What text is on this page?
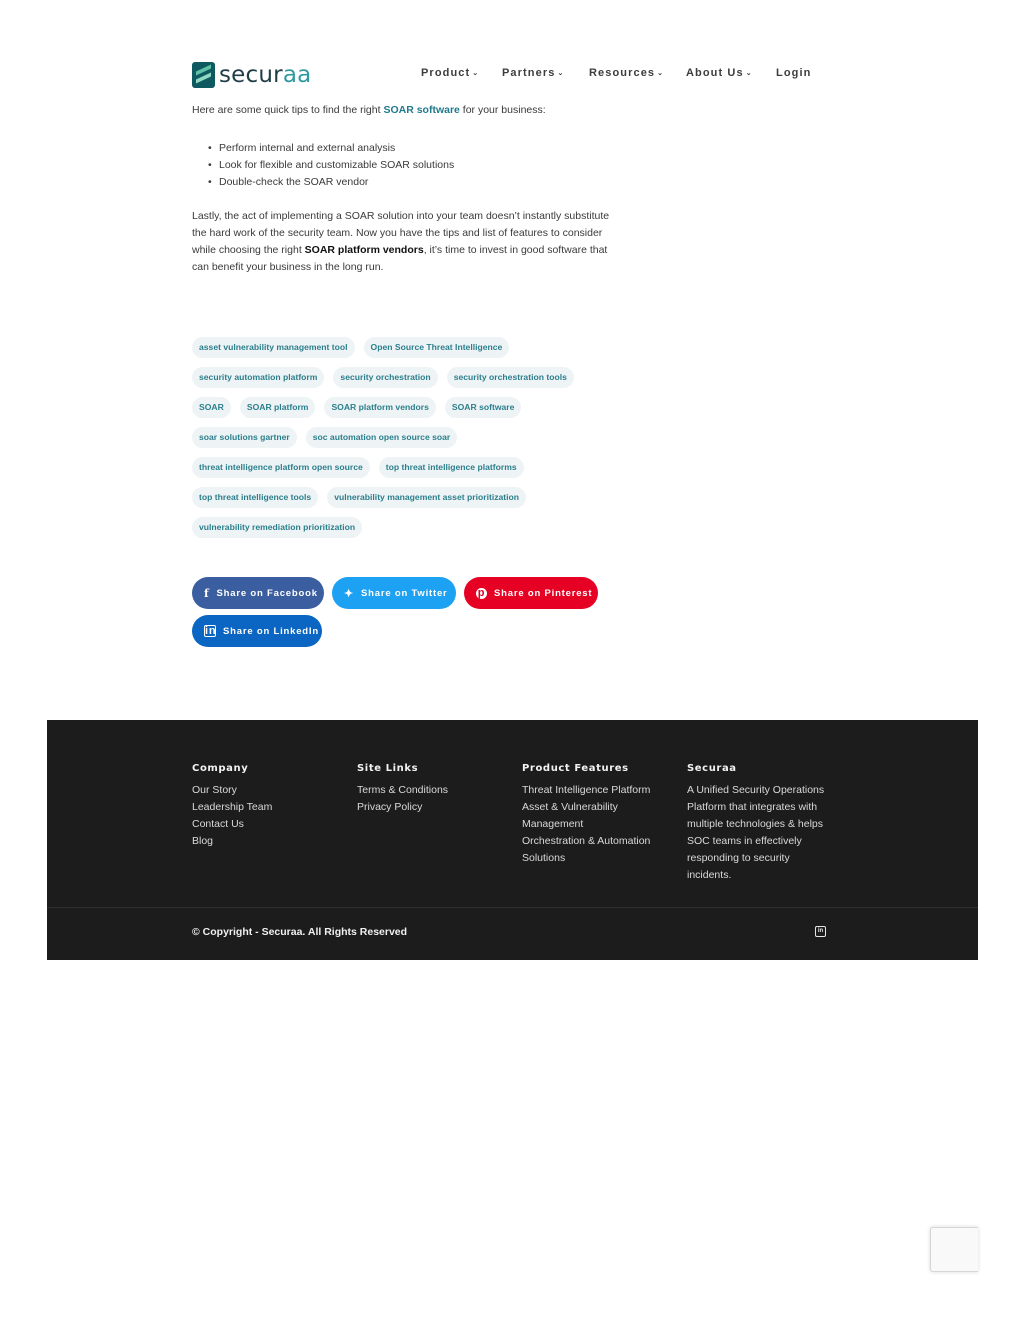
securaa	Product ⌄ Partners ⌄ Resources ⌄ About Us ⌄ Login

Here are some quick tips to find the right SOAR software for your business:

• Perform internal and external analysis
• Look for flexible and customizable SOAR solutions
• Double-check the SOAR vendor

Lastly, the act of implementing a SOAR solution into your team doesn’t instantly substitute the hard work of the security team. Now you have the tips and list of features to consider while choosing the right SOAR platform vendors, it’s time to invest in good software that can benefit your business in the long run.

asset vulnerability management tool	Open Source Threat Intelligence
security automation platform	security orchestration	security orchestration tools
SOAR	SOAR platform	SOAR platform vendors	SOAR software
soar solutions gartner	soc automation open source soar
threat intelligence platform open source	top threat intelligence platforms
top threat intelligence tools	vulnerability management asset prioritization
vulnerability remediation prioritization
f Share on Facebook ✦ Share on Twitter	p Share on Pinterest
in Share on LinkedIn
Company
Our Story
Leadership Team
Contact Us
Blog
Site Links
Terms & Conditions
Privacy Policy
Product Features
Threat Intelligence Platform
Asset & Vulnerability Management
Orchestration & Automation Solutions
Securaa
A Unified Security Operations Platform that integrates with multiple technologies & helps SOC teams in effectively responding to security incidents.
© Copyright - Securaa. All Rights Reserved	in
